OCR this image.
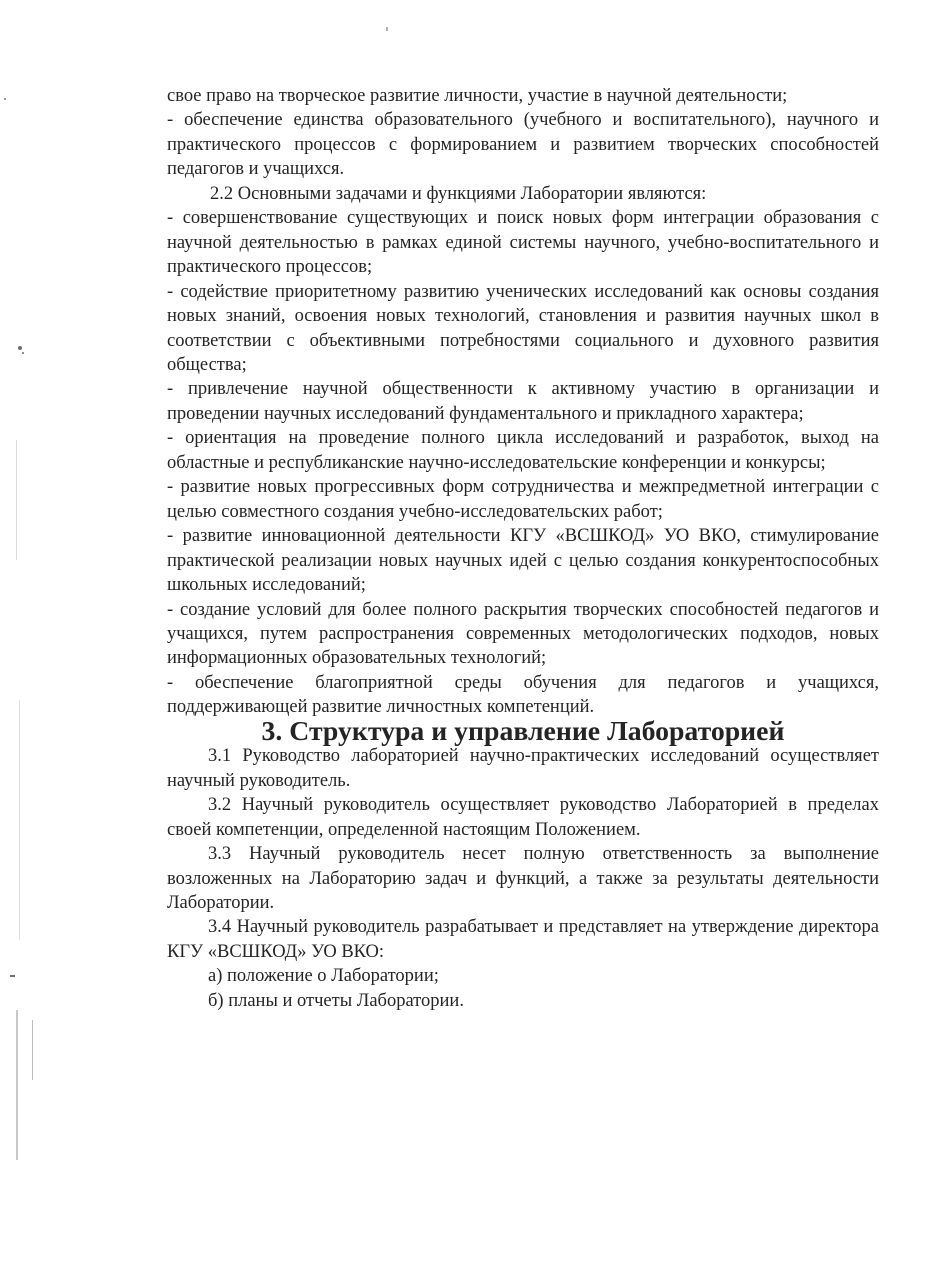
свое право на творческое развитие личности, участие в научной деятельности;

- обеспечение единства образовательного (учебного и воспитательного), научного и практического процессов с формированием и развитием творческих способностей педагогов и учащихся.

2.2 Основными задачами и функциями Лаборатории являются:

- совершенствование существующих и поиск новых форм интеграции образования с научной деятельностью в рамках единой системы научного, учебно-воспитательного и практического процессов;

- содействие приоритетному развитию ученических исследований как основы создания новых знаний, освоения новых технологий, становления и развития научных школ в соответствии с объективными потребностями социального и духовного развития общества;

- привлечение научной общественности к активному участию в организации и проведении научных исследований фундаментального и прикладного характера;

- ориентация на проведение полного цикла исследований и разработок, выход на областные и республиканские научно-исследовательские конференции и конкурсы;

- развитие новых прогрессивных форм сотрудничества и межпредметной интеграции с целью совместного создания учебно-исследовательских работ;

- развитие инновационной деятельности КГУ «ВСШКОД» УО ВКО, стимулирование практической реализации новых научных идей с целью создания конкурентоспособных школьных исследований;

- создание условий для более полного раскрытия творческих способностей педагогов и учащихся, путем распространения современных методологических подходов, новых информационных образовательных технологий;

- обеспечение благоприятной среды обучения для педагогов и учащихся, поддерживающей развитие личностных компетенций.

3. Структура и управление Лабораторией

3.1 Руководство лабораторией научно-практических исследований осуществляет научный руководитель.

3.2 Научный руководитель осуществляет руководство Лабораторией в пределах своей компетенции, определенной настоящим Положением.

3.3 Научный руководитель несет полную ответственность за выполнение возложенных на Лабораторию задач и функций, а также за результаты деятельности Лаборатории.

3.4 Научный руководитель разрабатывает и представляет на утверждение директора КГУ «ВСШКОД» УО ВКО:

а) положение о Лаборатории;

б) планы и отчеты Лаборатории.
